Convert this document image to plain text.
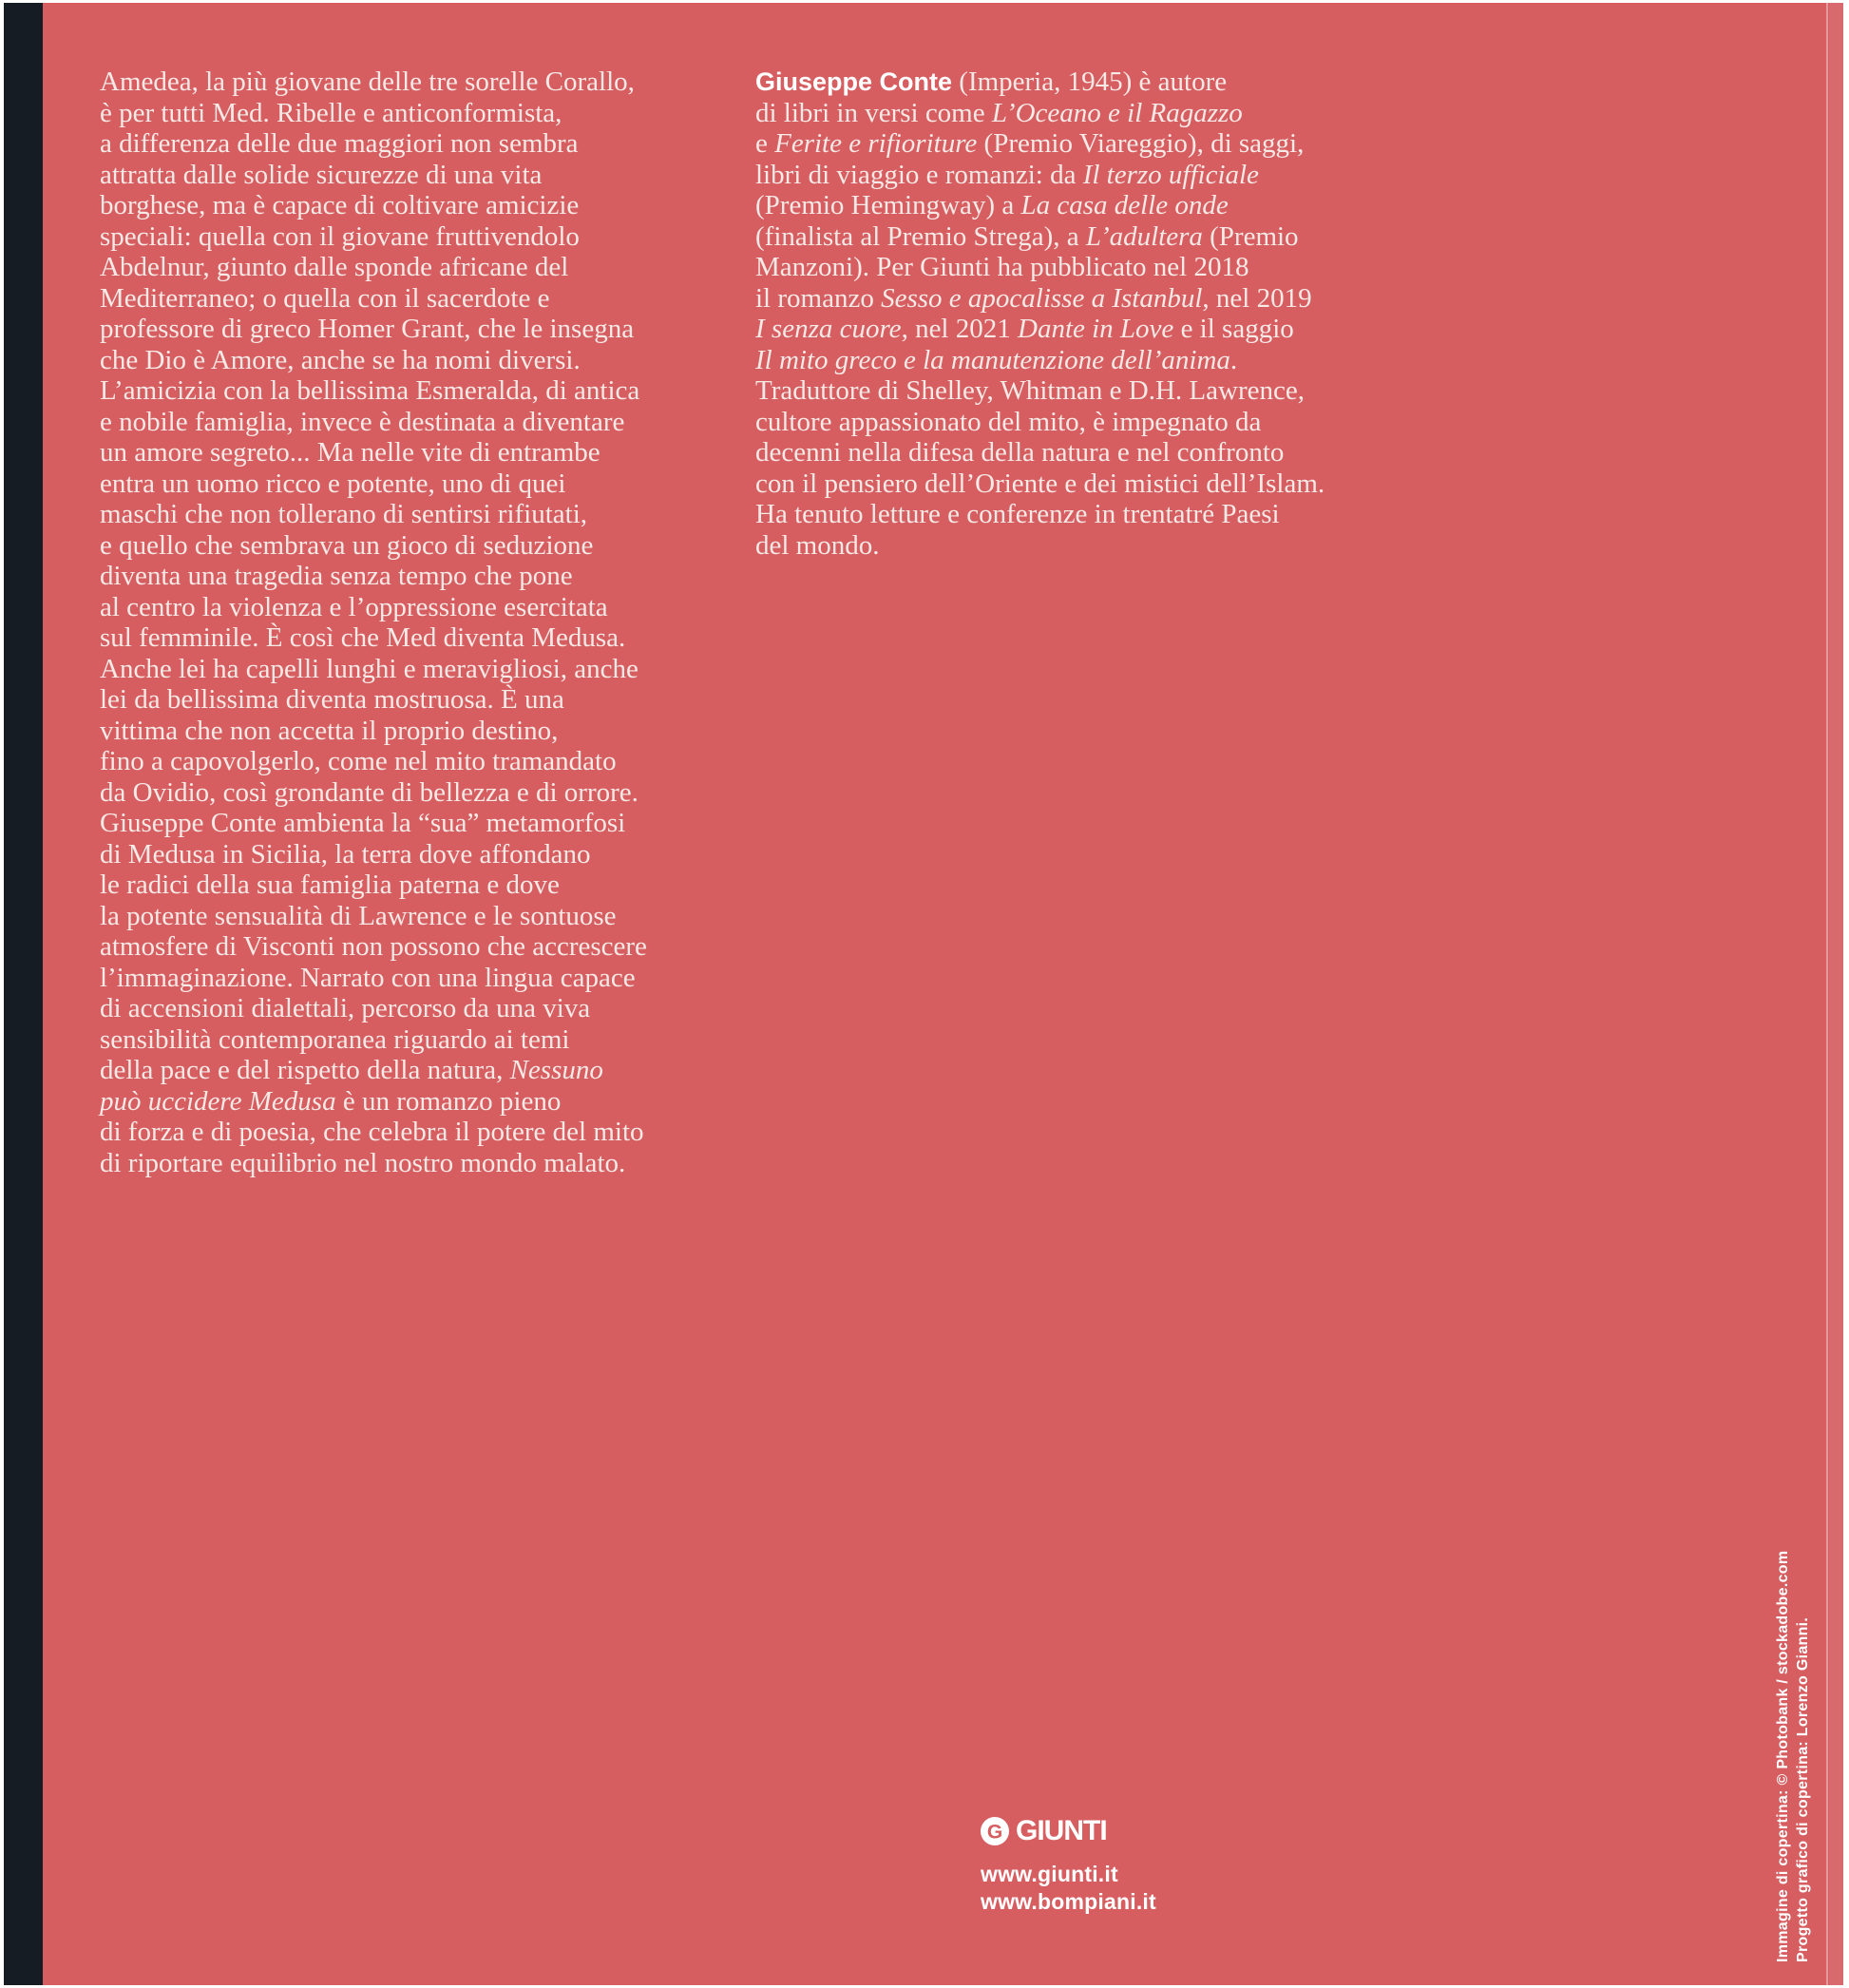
Amedea, la più giovane delle tre sorelle Corallo,
è per tutti Med. Ribelle e anticonformista,
a differenza delle due maggiori non sembra
attratta dalle solide sicurezze di una vita
borghese, ma è capace di coltivare amicizie
speciali: quella con il giovane fruttivendolo
Abdelnur, giunto dalle sponde africane del
Mediterraneo; o quella con il sacerdote e
professore di greco Homer Grant, che le insegna
che Dio è Amore, anche se ha nomi diversi.
L’amicizia con la bellissima Esmeralda, di antica
e nobile famiglia, invece è destinata a diventare
un amore segreto... Ma nelle vite di entrambe
entra un uomo ricco e potente, uno di quei
maschi che non tollerano di sentirsi rifiutati,
e quello che sembrava un gioco di seduzione
diventa una tragedia senza tempo che pone
al centro la violenza e l’oppressione esercitata
sul femminile. È così che Med diventa Medusa.
Anche lei ha capelli lunghi e meravigliosi, anche
lei da bellissima diventa mostruosa. È una
vittima che non accetta il proprio destino,
fino a capovolgerlo, come nel mito tramandato
da Ovidio, così grondante di bellezza e di orrore.
Giuseppe Conte ambienta la “sua” metamorfosi
di Medusa in Sicilia, la terra dove affondano
le radici della sua famiglia paterna e dove
la potente sensualità di Lawrence e le sontuose
atmosfere di Visconti non possono che accrescere
l’immaginazione. Narrato con una lingua capace
di accensioni dialettali, percorso da una viva
sensibilità contemporanea riguardo ai temi
della pace e del rispetto della natura, Nessuno
può uccidere Medusa è un romanzo pieno
di forza e di poesia, che celebra il potere del mito
di riportare equilibrio nel nostro mondo malato.
Giuseppe Conte (Imperia, 1945) è autore
di libri in versi come L’Oceano e il Ragazzo
e Ferite e rifioriture (Premio Viareggio), di saggi,
libri di viaggio e romanzi: da Il terzo ufficiale
(Premio Hemingway) a La casa delle onde
(finalista al Premio Strega), a L’adultera (Premio
Manzoni). Per Giunti ha pubblicato nel 2018
il romanzo Sesso e apocalisse a Istanbul, nel 2019
I senza cuore, nel 2021 Dante in Love e il saggio
Il mito greco e la manutenzione dell’anima.
Traduttore di Shelley, Whitman e D.H. Lawrence,
cultore appassionato del mito, è impegnato da
decenni nella difesa della natura e nel confronto
con il pensiero dell’Oriente e dei mistici dell’Islam.
Ha tenuto letture e conferenze in trentatré Paesi
del mondo.
G GIUNTI
www.giunti.it
www.bompiani.it	Immagine di copertina: © Photobank / stockadobe.com Progetto grafico di copertina: Lorenzo Gianni.
